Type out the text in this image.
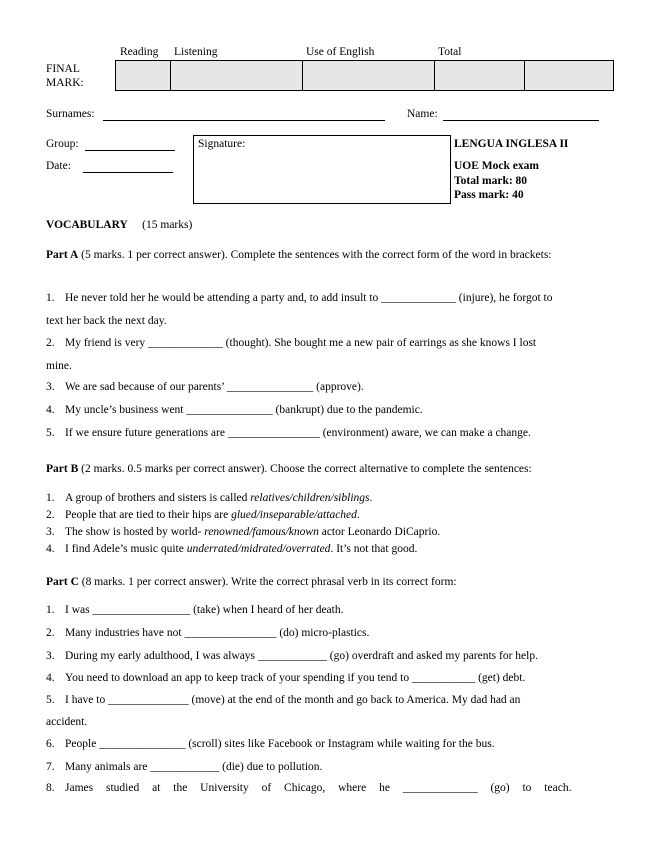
Reading Listening	Use of English	Total
FINAL
MARK:
Surnames:	Name:
Group:
Date:
Signature:	LENGUA INGLESA II
UOE Mock exam
Total mark: 80
Pass mark: 40
VOCABULARY (15 marks)
Part A (5 marks. 1 per correct answer). Complete the sentences with the correct form of the word in brackets:
1. He never told her he would be attending a party and, to add insult to _____________ (injure), he forgot to
text her back the next day.
2. My friend is very _____________ (thought). She bought me a new pair of earrings as she knows I lost
mine.
3. We are sad because of our parents’ _______________ (approve).
4. My uncle’s business went _______________ (bankrupt) due to the pandemic.
5. If we ensure future generations are ________________ (environment) aware, we can make a change.
Part B (2 marks. 0.5 marks per correct answer). Choose the correct alternative to complete the sentences:
1. A group of brothers and sisters is called relatives/children/siblings.
2. People that are tied to their hips are glued/inseparable/attached.
3. The show is hosted by world- renowned/famous/known actor Leonardo DiCaprio.
4. I find Adele’s music quite underrated/midrated/overrated. It’s not that good.
Part C (8 marks. 1 per correct answer). Write the correct phrasal verb in its correct form:
1. I was _________________ (take) when I heard of her death.
2. Many industries have not ________________ (do) micro-plastics.
3. During my early adulthood, I was always ____________ (go) overdraft and asked my parents for help.
4. You need to download an app to keep track of your spending if you tend to ___________ (get) debt.
5. I have to ______________ (move) at the end of the month and go back to America. My dad had an
accident.
6. People _______________ (scroll) sites like Facebook or Instagram while waiting for the bus.
7. Many animals are ____________ (die) due to pollution.
8. James studied at the University of Chicago, where he _____________ (go) to teach.
